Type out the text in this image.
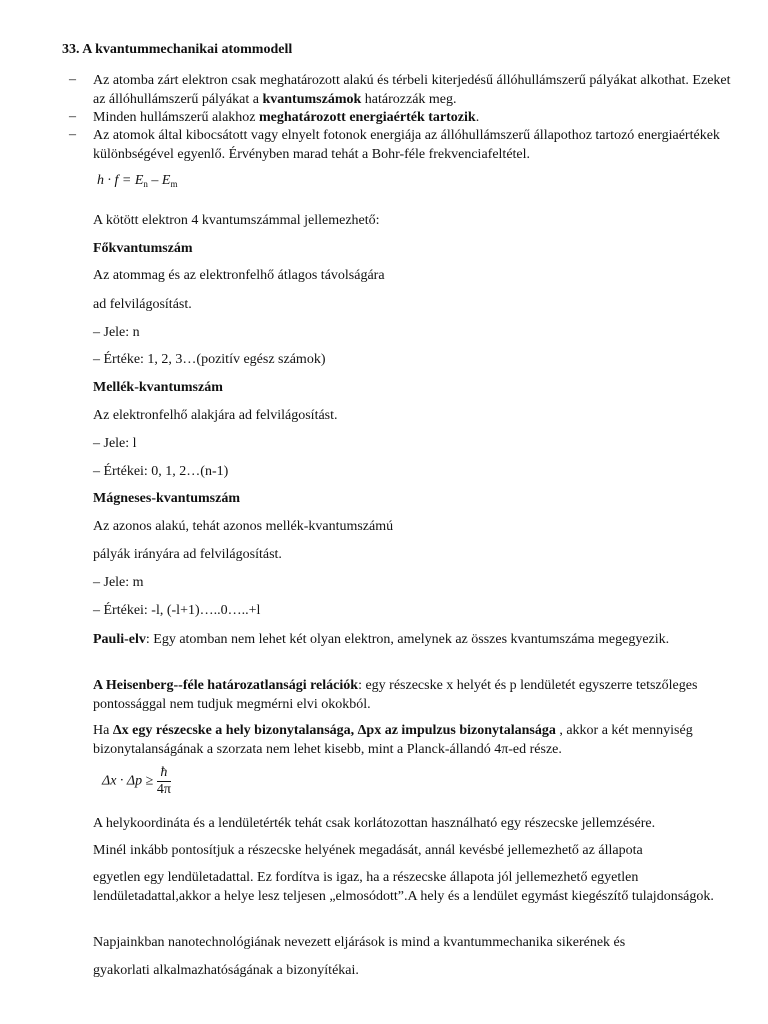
33. A kvantummechanikai atommodell
– Az atomba zárt elektron csak meghatározott alakú és térbeli kiterjedésű állóhullámszerű pályákat alkothat. Ezeket az állóhullámszerű pályákat a kvantumszámok határozzák meg.
– Minden hullámszerű alakhoz meghatározott energiaérték tartozik.
– Az atomok által kibocsátott vagy elnyelt fotonok energiája az állóhullámszerű állapothoz tartozó energiaértékek különbségével egyenlő. Érvényben marad tehát a Bohr-féle frekvenciafeltétel.
$h \cdot f = E_n - E_m$
A kötött elektron 4 kvantumszámmal jellemezhető:
Főkvantumszám
Az atommag és az elektronfelhő átlagos távolságára
ad felvilágosítást.
– Jele: n
– Értéke: 1, 2, 3…(pozitív egész számok)
Mellék-kvantumszám
Az elektronfelhő alakjára ad felvilágosítást.
– Jele: l
– Értékei: 0, 1, 2…(n-1)
Mágneses-kvantumszám
Az azonos alakú, tehát azonos mellék-kvantumszámú
pályák irányára ad felvilágosítást.
– Jele: m
– Értékei: -l, (-l+1)…..0…..+l
Pauli-elv: Egy atomban nem lehet két olyan elektron, amelynek az összes kvantumszáma megegyezik.
A Heisenberg--féle határozatlansági relációk: egy részecske x helyét és p lendületét egyszerre tetszőleges pontossággal nem tudjuk megmérni elvi okokból.
Ha Δx egy részecske a hely bizonytalansága, Δpx az impulzus bizonytalansága , akkor a két mennyiség bizonytalanságának a szorzata nem lehet kisebb, mint a Planck-állandó 4π-ed része.
$\Delta x \cdot \Delta p \ge \frac{ħ}{4\pi}$
A helykoordináta és a lendületérték tehát csak korlátozottan használható egy részecske jellemzésére.
Minél inkább pontosítjuk a részecske helyének megadását, annál kevésbé jellemezhető az állapota
egyetlen egy lendületadattal. Ez fordítva is igaz, ha a részecske állapota jól jellemezhető egyetlen lendületadattal,akkor a helye lesz teljesen „elmosódott”.A hely és a lendület egymást kiegészítő tulajdonságok.
Napjainkban nanotechnológiának nevezett eljárások is mind a kvantummechanika sikerének és
gyakorlati alkalmazhatóságának a bizonyítékai.
